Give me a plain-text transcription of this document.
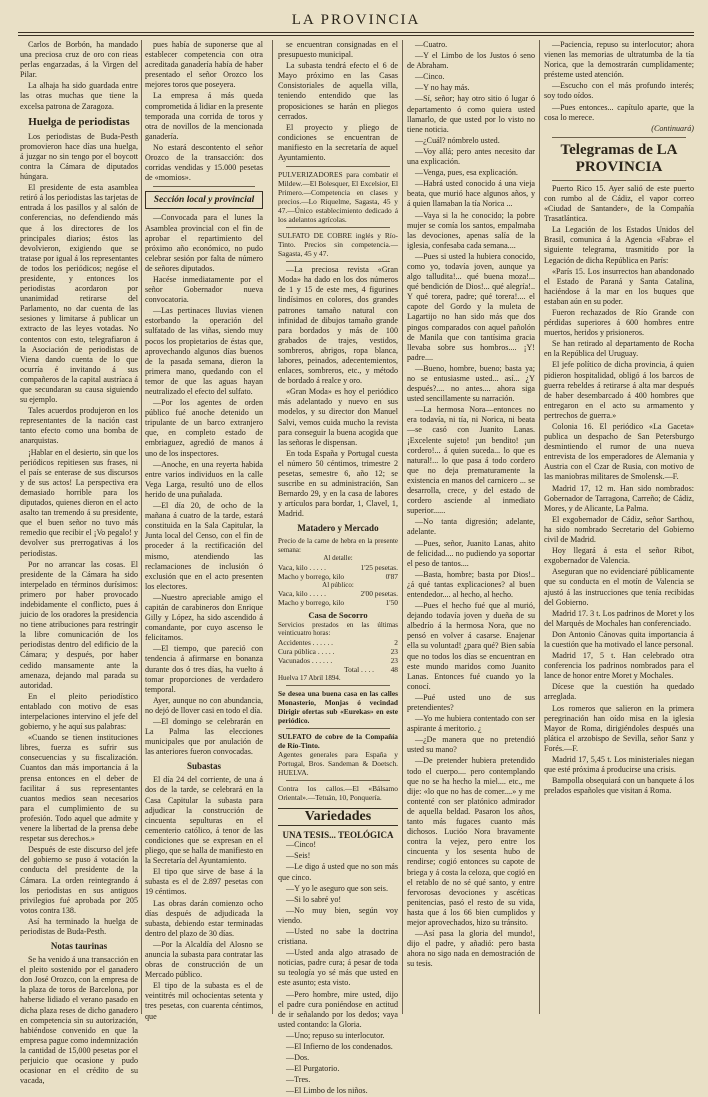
LA PROVINCIA

Carlos de Borbón, ha mandado una preciosa cruz de oro con rieas perlas engarzadas, á la Virgen del Pilar.

La alhaja ha sido guardada entre las otras muchas que tiene la excelsa patrona de Zaragoza.

Huelga de periodistas

Los periodistas de Buda-Pesth promovieron hace días una huelga, á juzgar no sin tengo por el boycott contra la Cámara de diputados húngara.

El presidente de esta asamblea retiró á los periodistas las tarjetas de entrada á los pasillos y al salón de conferencias, no defendiendo más que á los directores de los principales diarios; éstos las devolvieron, exigiendo que se tratase por igual á los representantes de todos los periódicos; negóse el presidente, y entonces los periodistas acordaron por unanimidad retirarse del Parlamento, no dar cuenta de las sesiones y limitarse á publicar un extracto de las leyes votadas. No contentos con esto, telegrafiaron á la Asociación de periodistas de Viena dando cuenta de lo que ocurría é invitando á sus compañeros de la capital austríaca á que secundaran su causa siguiendo su ejemplo.

Tales acuerdos produjeron en los representantes de la nación cast tanto efecto como una bomba de anarquistas.

¡Hablar en el desierto, sin que los periódicos repitiesen sus frases, ni el país se enterase de sus discursos y de sus actos! La perspectiva era demasiado horrible para los diputados, quienes dieron en el acto asalto tan tremendo á su presidente, que el buen señor no tuvo más remedio que recibir el ¡Vo pegalo! y devolver sus prerrogativas á los periodistas.

Por no arrancar las cosas. El presidente de la Cámara ha sido interpelado en términos durísimos: primero por haber provocado indebidamente el conflicto, pues á juicio de los oradores la presidencia no tiene atribuciones para restringir la libre comunicación de los periodistas dentro del edificio de la Cámara; y después, por haber cedido mansamente ante la amenaza, dejando mal parada su autoridad.

En el pleito periodístico entablado con motivo de esas interpelaciones intervino el jefe del gobierno, y he aquí sus palabras:

«Cuando se tienen instituciones libres, fuerza es sufrir sus consecuencias y su fiscalización. Cuantos dan más importancia á la prensa entonces en el deber de facilitar á sus representantes cuantos medios sean necesarios para el cumplimiento de su profesión. Todo aquel que admite y venere la libertad de la prensa debe respetar sus derechos.»

Después de este discurso del jefe del gobierno se puso á votación la conducta del presidente de la Cámara. La orden reintegrando á los periodistas en sus antiguos privilegios fué aprobada por 205 votos contra 138.

Así ha terminado la huelga de periodistas de Buda-Pesth.

Notas taurinas

Se ha venido á una transacción en el pleito sostenido por el ganadero don José Orozco, con la empresa de la plaza de toros de Barcelona, por haberse lidiado el verano pasado en dicha plaza reses de dicho ganadero en competencia sin su autorización, habiéndose convenido en que la empresa pague como indemnización la cantidad de 15,000 pesetas por el perjuicio que ocasione y pudo ocasionar en el crédito de su vacada,

pues había de suponerse que al establecer competencia con otra acreditada ganadería había de haber presentado el señor Orozco los mejores toros que poseyera.

La empresa á más queda comprometida á lidiar en la presente temporada una corrida de toros y otra de novillos de la mencionada ganadería.

No estará descontento el señor Orozco de la transacción: dos corridas vendidas y 15.000 pesetas de «momios».

Sección local y provincial

—Convocada para el lunes la Asamblea provincial con el fin de aprobar el repartimiento del próximo año económico, no pudo celebrar sesión por falta de número de señores diputados.

Hacése inmediatamente por el señor Gobernador nueva convocatoria.

—Las pertinaces lluvias vienen estorbando la operación del sulfatado de las viñas, siendo muy pocos los propietarios de éstas que, aprovechando algunos días buenos de la pasada semana, dieron la primera mano, quedando con el temor de que las aguas hayan neutralizado el efecto del sulfato.

—Por los agentes de orden público fué anoche detenido un tripulante de un barco extranjero que, en completo estado de embriaguez, agredió de manos á uno de los inspectores.

—Anoche, en una reyerta habida entre varios individuos en la calle Vega Larga, resultó uno de ellos herido de una puñalada.

—El día 20, de ocho de la mañana á cuatro de la tarde, estará constituida en la Sala Capitular, la Junta local del Censo, con el fin de proceder á la rectificación del mismo, atendiendo las reclamaciones de inclusión ó exclusión que en el acto presenten los electores.

—Nuestro apreciable amigo el capitán de carabineros don Enrique Gilly y López, ha sido ascendido á comandante, por cuyo ascenso le felicitamos.

—El tiempo, que pareció con tendencia á afirmarse en bonanza durante dos ó tres días, ha vuelto á tomar proporciones de verdadero temporal.

Ayer, aunque no con abundancia, no dejó de llover casi en todo el día.

—El domingo se celebrarán en La Palma las elecciones municipales que por anulación de las anteriores fueron convocadas.

Subastas

El día 24 del corriente, de una á dos de la tarde, se celebrará en la Casa Capitular la subasta para adjudicar la construcción de cincuenta sepulturas en el cementerio católico, á tenor de las condiciones que se expresan en el pliego, que se halla de manifiesto en la Secretaría del Ayuntamiento.

El tipo que sirve de base á la subasta es el de 2.897 pesetas con 19 céntimos.

Las obras darán comienzo ocho días después de adjudicada la subasta, debiendo estar terminadas dentro del plazo de 30 días.

—Por la Alcaldía del Alosno se anuncia la subasta para contratar las obras de construcción de un Mercado público.

El tipo de la subasta es el de veintitrés mil ochocientas setenta y tres pesetas, con cuarenta céntimos, que

se encuentran consignadas en el presupuesto municipal.

La subasta tendrá efecto el 6 de Mayo próximo en las Casas Consistoriales de aquella villa, teniendo entendido que las proposiciones se harán en pliegos cerrados.

El proyecto y pliego de condiciones se encuentran de manifiesto en la secretaría de aquel Ayuntamiento.

PULVERIZADORES para combatir el Mildew.—El Bolesquer, El Excelsior, El Primero.—Competencia en clases y precios.—Lo Riquelme, Sagasta, 45 y 47.—Único establecimiento dedicado á los adelantos agrícolas.
SULFATO DE COBRE inglés y Río-Tinto. Precios sin competencia.—Sagasta, 45 y 47.

—La preciosa revista «Gran Moda» ha dado en los dos números de 1 y 15 de este mes, 4 figurines lindísimos en colores, dos grandes patrones tamaño natural con infinidad de dibujos tamaño grande para bordados y más de 100 grabados de trajes, vestidos, sombreros, abrigos, ropa blanca, labores, peinados, adecentemientos, enlaces, sombreros, etc., y método de bordado á realce y oro.

«Gran Moda» es hoy el periódico más adelantado y nuevo en sus modelos, y su director don Manuel Salvi, vemos cuida mucho la revista para conseguir la buena acogida que las señoras le dispensan.

En toda España y Portugal cuesta el número 50 céntimos, trimestre 2 pesetas, semestre 6, año 12; se suscribe en su administración, San Bernardo 29, y en la casa de labores y artículos para bordar, 1, Clavel, 1, Madrid.

Matadero y Mercado
Precio de la carne de hebra en la presente semana:
Al detalle:
Vaca, kilo . . . . .	1'25 pesetas.
Macho y borrego, kilo	0'87
Al público:
Vaca, kilo . . . . .	2'00 pesetas.
Macho y borrego, kilo	1'50
Casa de Socorro
Servicios prestados en las últimas veinticuatro horas:
Accidentes . . . . . .	2
Cura pública . . . . .	23
Vacunados . . . . . .	23
Total . . . .	48
Huelva 17 Abril 1894.
Se desea una buena casa en las calles Monasterio, Monjas ó vecindad Dirigir ofertas sub «Eurekas» en este periódico.
SULFATO de cobre de la Compañía de Río-Tinto.
Agentes generales para España y Portugal, Bros. Sandeman & Doetsch. HUELVA.
Contra los callos.—El «Bálsamo Oriental».—Tetuán, 10, Ponquería.
Variedades
UNA TESIS... TEOLÓGICA

—Cinco!

—Seis!

—Le digo á usted que no son más que cinco.

—Y yo le aseguro que son seis.

—Si lo sabré yo!

—No muy bien, según voy viendo.

—Usted no sabe la doctrina cristiana.

—Usted anda algo atrasado de noticias, padre cura; á pesar de toda su teología yo sé más que usted en este asunto; esta visto.

—Pero hombre, mire usted, dijo el padre cura poniéndose en actitud de ir señalando por los dedos; vaya usted contando: la Gloria.

—Uno; repuso su interlocutor.

—El Infierno de los condenados.

—Dos.

—El Purgatorio.

—Tres.

—El Limbo de los niños.

—Cuatro.

—Y el Limbo de los Justos ó seno de Abraham.

—Cinco.

—Y no hay más.

—Sí, señor; hay otro sitio ó lugar ó departamento ó como quiera usted llamarlo, de que usted por lo visto no tiene noticia.

—¿Cuál? nómbrelo usted.

—Voy allá; pero antes necesito dar una explicación.

—Venga, pues, esa explicación.

—Habrá usted conocido á una vieja beata, que murió hace algunos años, y á quien llamaban la tía Norica ...

—Vaya si la he conocido; la pobre mujer se comía los santos, empalmaba las devociones, apenas salía de la iglesia, confesaba cada semana....

—Pues si usted la hubiera conocido, como yo, todavía joven, aunque ya algo talludita!... qué buena moza!... qué bendición de Dios!... qué alegría!.. Y qué torera, padre; qué torera!.... el capote del Gordo y la muleta de Lagartijo no han sido más que dos pingos comparados con aquel pañolón de Manila que con tantísima gracia llevaba sobre sus hombros.... ¡Y! padre....

—Bueno, hombre, bueno; basta ya; no se entusiasme usted... así... ¿Y después?.... no antes.... ahora siga usted sencillamente su narración.

—La hermosa Nora—entonces no era todavía, ni tía, ni Norica, ni beata—se casó con Juanito Lanas. ¡Excelente sujeto! ¡un bendito! ¡un cordero!... á quien suceda... lo que es natural!... lo que pasa á todo cordero que no deja prematuramente la existencia en manos del carnicero ... se desarrolla, crece, y del estado de cordero asciende al inmediato superior......

—No tanta digresión; adelante, adelante.

—Pues, señor, Juanito Lanas, ahito de felicidad.... no pudiendo ya soportar el peso de tantos....

—Basta, hombre; basta por Dios!.. ¿á qué tantas explicaciones? al buen entendedor.... al hecho, al hecho.

—Pues el hecho fué que al murió, dejando todavía joven y dueña de su albedrío á la hermosa Nora, que no pensó en volver á casarse. Enajenar ella su voluntad! ¿para qué? Bien sabía que no todos los días se encuentran en este mundo maridos como Juanito Lanas. Entonces fué cuando yo la conocí.

—Pué usted uno de sus pretendientes?

—Yo me hubiera contentado con ser aspirante á meritorio. ¿

—¿De manera que no pretendió usted su mano?

—De pretender hubiera pretendido todo el cuerpo.... pero contemplando que no se ha hecho la miel.... etc., me dije: «lo que no has de comer....» y me contenté con ser platónico admirador de aquella beldad. Pasaron los años, tanto más fugaces cuanto más dichosos. Lucióo Nora bravamente contra la vejez, pero entre los cincuenta y los sesenta hubo de rendirse; cogió entonces su capote de briega y á costa la celoza, que cogió en el retablo de no sé qué santo, y entre fervorosas devociones y ascéticas penitencias, pasó el resto de su vida, hasta que á los 66 bien cumplidos y mejor aprovechados, hizo su tránsito.

—Así pasa la gloria del mundo!, dijo el padre, y añadió: pero basta ahora no sigo nada en demostración de su tesis.

—Paciencia, repuso su interlocutor; ahora vienen las memorias de ultratumba de la tía Norica, que la demostrarán cumplidamente; présteme usted atención.

—Escucho con el más profundo interés; soy todo oídos.

—Pues entonces... capítulo aparte, que la cosa lo merece.

(Continuará)
Telegramas de LA PROVINCIA

Puerto Rico 15. Ayer salió de este puerto con rumbo al de Cádiz, el vapor correo «Ciudad de Santander», de la Compañía Trasatlántica.

La Legación de los Estados Unidos del Brasil, comunica á la Agencia «Fabra» el siguiente telegrama, trasmitido por la Legación de dicha República en París:

«París 15. Los insurrectos han abandonado el Estado de Paraná y Santa Catalina, haciéndose á la mar en los buques que estaban aún en su poder.

Fueron rechazados de Río Grande con pérdidas superiores á 600 hombres entre muertos, heridos y prisioneros.

Se han retirado al departamento de Rocha en la República del Uruguay.

El jefe político de dicha provincia, á quien pidieron hospitalidad, obligó á los barcos de guerra rebeldes á retirarse á alta mar después de haber desembarcado á 400 hombres que entregaron en el acto su armamento y pertrechos de guerra.»

Colonia 16. El periódico «La Gaceta» publica un despacho de San Petersburgo desmintiendo el rumor de una nueva entrevista de los emperadores de Alemania y Austria con el Czar de Rusia, con motivo de las maniobras militares de Smolensk.—F.

Madrid 17, 12 m. Han sido nombrados: Gobernador de Tarragona, Carreño; de Cádiz, Mores, y de Alicante, La Palma.

El exgobernador de Cádiz, señor Sarthou, ha sido nombrado Secretario del Gobierno civil de Madrid.

Hoy llegará á esta el señor Ribot, exgobernador de Valencia.

Aseguran que no evidenciaré públicamente que su conducta en el motín de Valencia se ajustó á las instrucciones que tenía recibidas del Gobierno.

Madrid 17. 3 t. Los padrinos de Moret y los del Marqués de Mochales han conferenciado.

Don Antonio Cánovas quita importancia á la cuestión que ha motivado el lance personal.

Madrid 17, 5 t. Han celebrado otra conferencia los padrinos nombrados para el lance de honor entre Moret y Mochales.

Dícese que la cuestión ha quedado arreglada.

Los romeros que salieron en la primera peregrinación han oído misa en la iglesia Mayor de Roma, dirigiéndoles después una plática el arzobispo de Sevilla, señor Sanz y Forés.—F.

Madrid 17, 5,45 t. Los ministeriales niegan que esté próxima á producirse una crisis.

Bampolla obsequiará con un banquete á los prelados españoles que visitan á Roma.
